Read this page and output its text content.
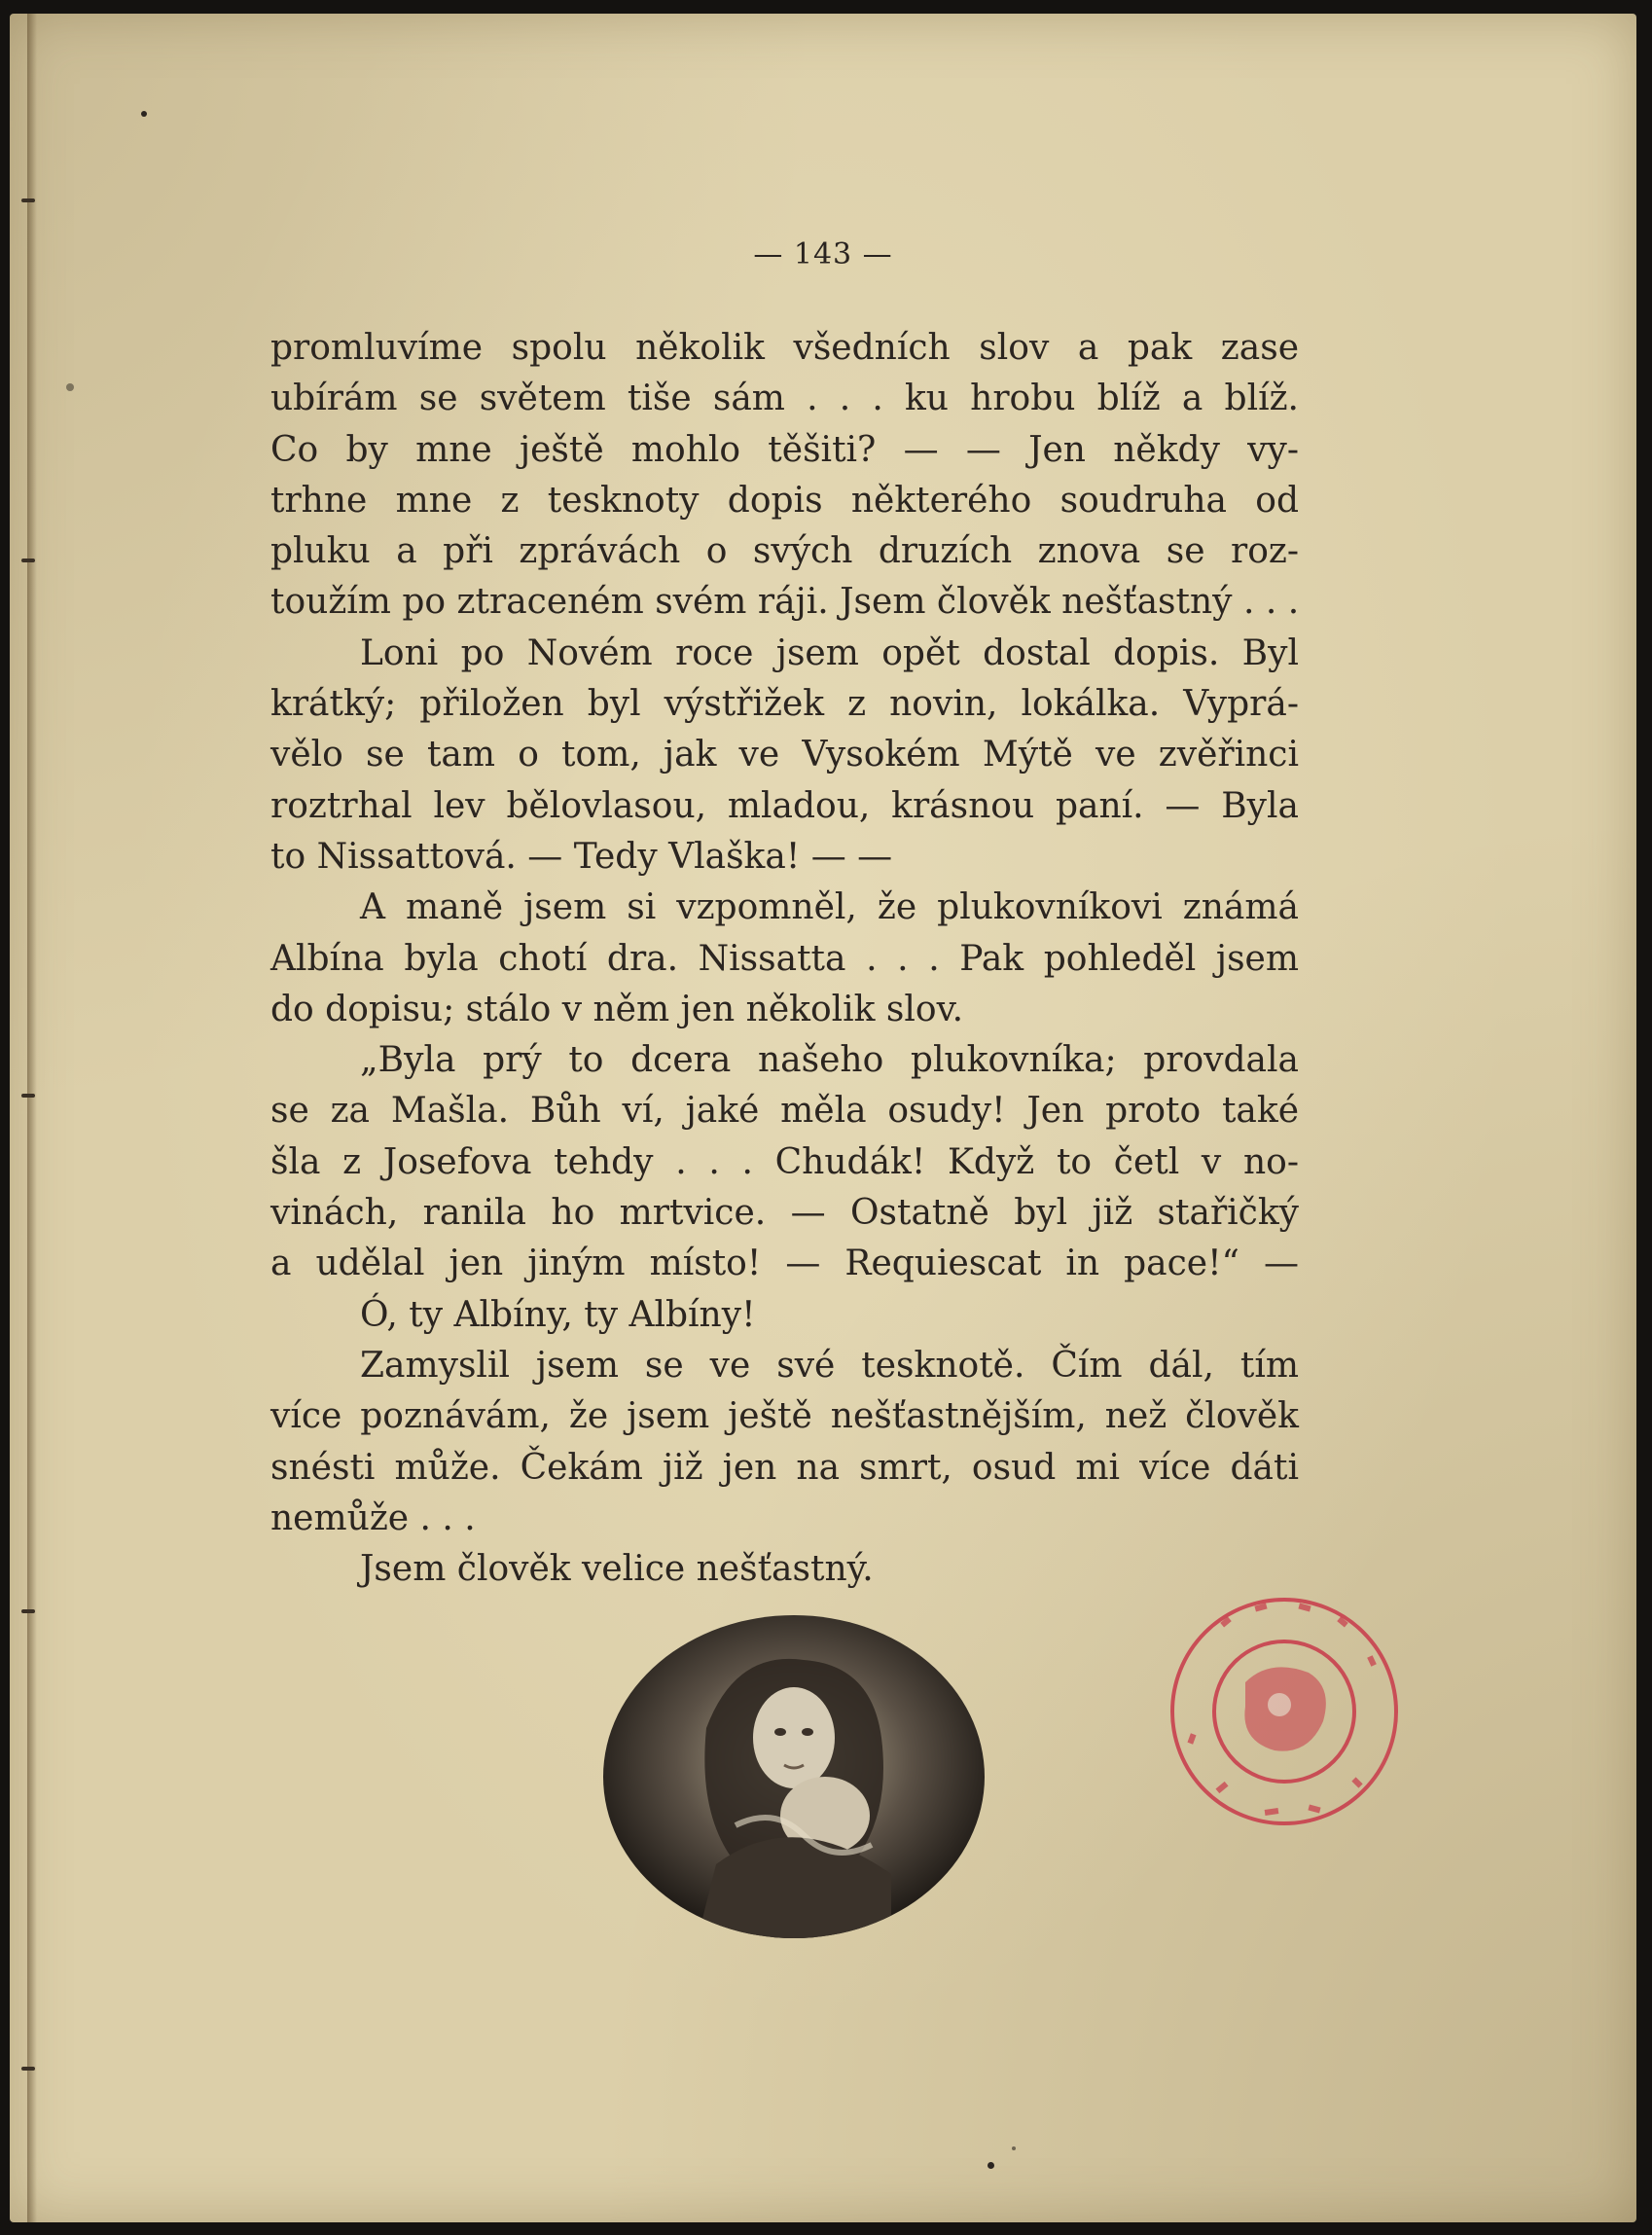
— 143 —
promluvíme spolu několik všedních slov a pak zase
ubírám se světem tiše sám . . . ku hrobu blíž a blíž.
Co by mne ještě mohlo těšiti? — — Jen někdy vy-
trhne mne z tesknoty dopis některého soudruha od
pluku a při zprávách o svých druzích znova se roz-
toužím po ztraceném svém ráji. Jsem člověk nešťastný . . .
Loni po Novém roce jsem opět dostal dopis. Byl
krátký; přiložen byl výstřižek z novin, lokálka. Vyprá-
vělo se tam o tom, jak ve Vysokém Mýtě ve zvěřinci
roztrhal lev bělovlasou, mladou, krásnou paní. — Byla
to Nissattová. — Tedy Vlaška! — —
A maně jsem si vzpomněl, že plukovníkovi známá
Albína byla chotí dra. Nissatta . . . Pak pohleděl jsem
do dopisu; stálo v něm jen několik slov.
„Byla prý to dcera našeho plukovníka; provdala
se za Mašla. Bůh ví, jaké měla osudy! Jen proto také
šla z Josefova tehdy . . . Chudák! Když to četl v no-
vinách, ranila ho mrtvice. — Ostatně byl již stařičký
a udělal jen jiným místo! — Requiescat in pace!“ —
Ó, ty Albíny, ty Albíny!
Zamyslil jsem se ve své tesknotě. Čím dál, tím
více poznávám, že jsem ještě nešťastnějším, než člověk
snésti může. Čekám již jen na smrt, osud mi více dáti
nemůže . . .
Jsem člověk velice nešťastný.
